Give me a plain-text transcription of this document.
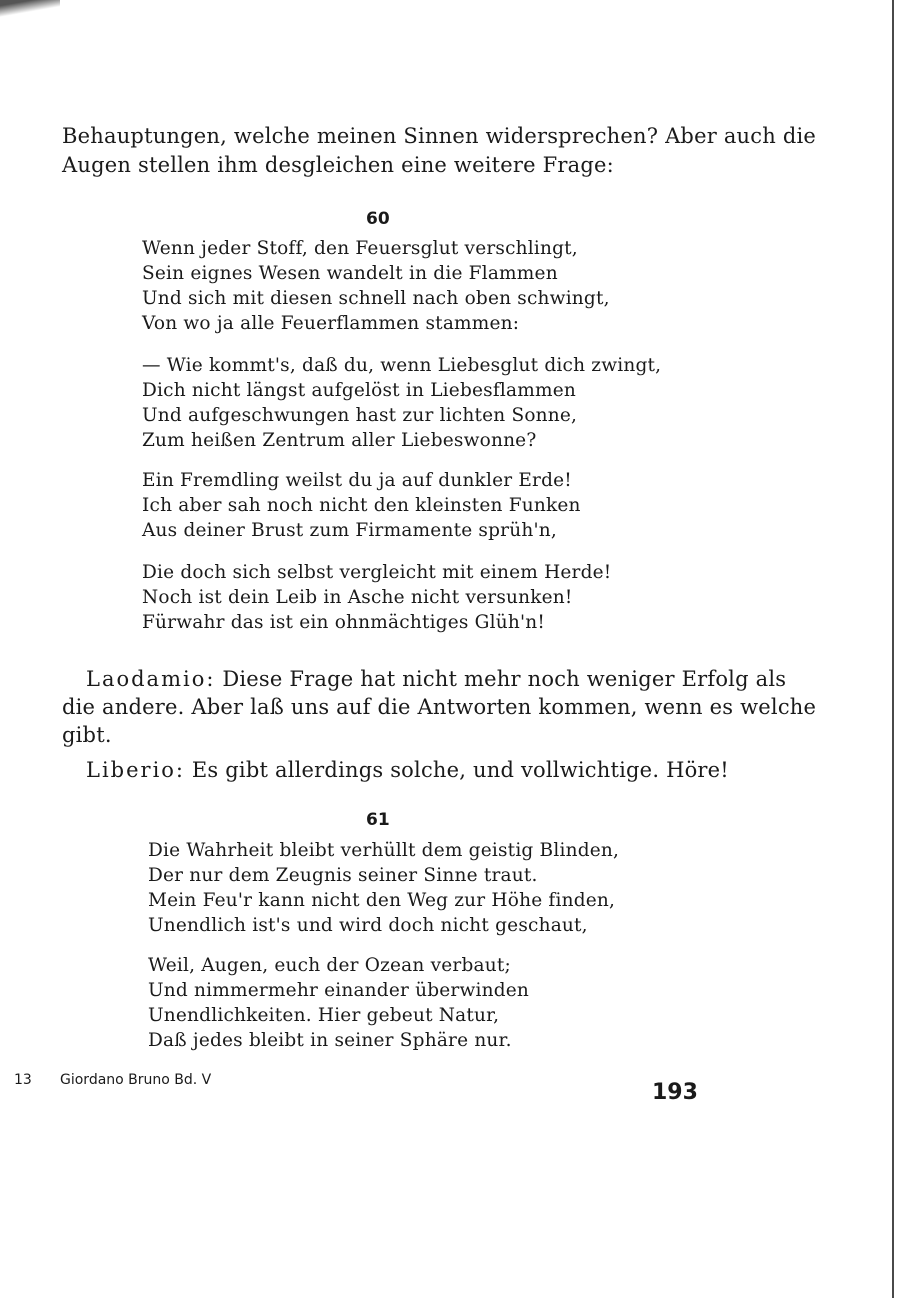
Behauptungen, welche meinen Sinnen widersprechen? Aber auch die
Augen stellen ihm desgleichen eine weitere Frage:
60
Wenn jeder Stoff, den Feuersglut verschlingt,
Sein eignes Wesen wandelt in die Flammen
Und sich mit diesen schnell nach oben schwingt,
Von wo ja alle Feuerflammen stammen:
— Wie kommt's, daß du, wenn Liebesglut dich zwingt,
Dich nicht längst aufgelöst in Liebesflammen
Und aufgeschwungen hast zur lichten Sonne,
Zum heißen Zentrum aller Liebeswonne?
Ein Fremdling weilst du ja auf dunkler Erde!
Ich aber sah noch nicht den kleinsten Funken
Aus deiner Brust zum Firmamente sprüh'n,
Die doch sich selbst vergleicht mit einem Herde!
Noch ist dein Leib in Asche nicht versunken!
Fürwahr das ist ein ohnmächtiges Glüh'n!
Laodamio: Diese Frage hat nicht mehr noch weniger Erfolg als
die andere. Aber laß uns auf die Antworten kommen, wenn es welche
gibt.
Liberio: Es gibt allerdings solche, und vollwichtige. Höre!
61
Die Wahrheit bleibt verhüllt dem geistig Blinden,
Der nur dem Zeugnis seiner Sinne traut.
Mein Feu'r kann nicht den Weg zur Höhe finden,
Unendlich ist's und wird doch nicht geschaut,
Weil, Augen, euch der Ozean verbaut;
Und nimmermehr einander überwinden
Unendlichkeiten. Hier gebeut Natur,
Daß jedes bleibt in seiner Sphäre nur.
13 Giordano Bruno Bd. V	193
